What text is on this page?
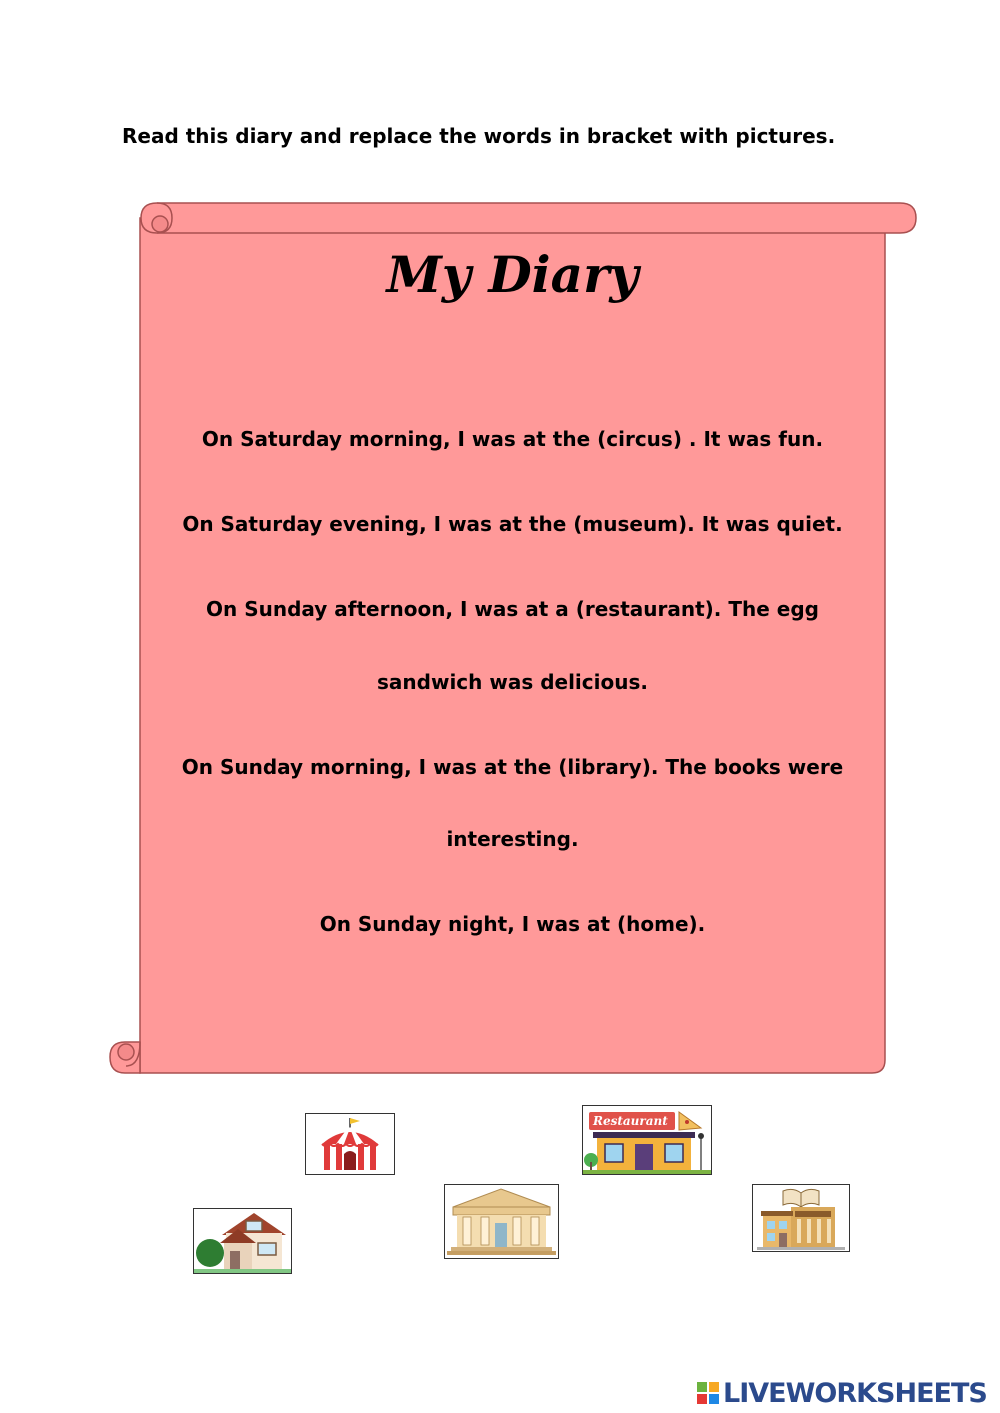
Read this diary and replace the words in bracket with pictures.
My Diary
On Saturday morning, I was at the (circus) . It was fun.
On Saturday evening, I was at the (museum). It was quiet.
On Sunday afternoon, I was at a (restaurant). The egg
sandwich was delicious.
On Sunday morning, I was at the (library). The books were
interesting.
On Sunday night, I was at (home).
Restaurant
LIVEWORKSHEETS
